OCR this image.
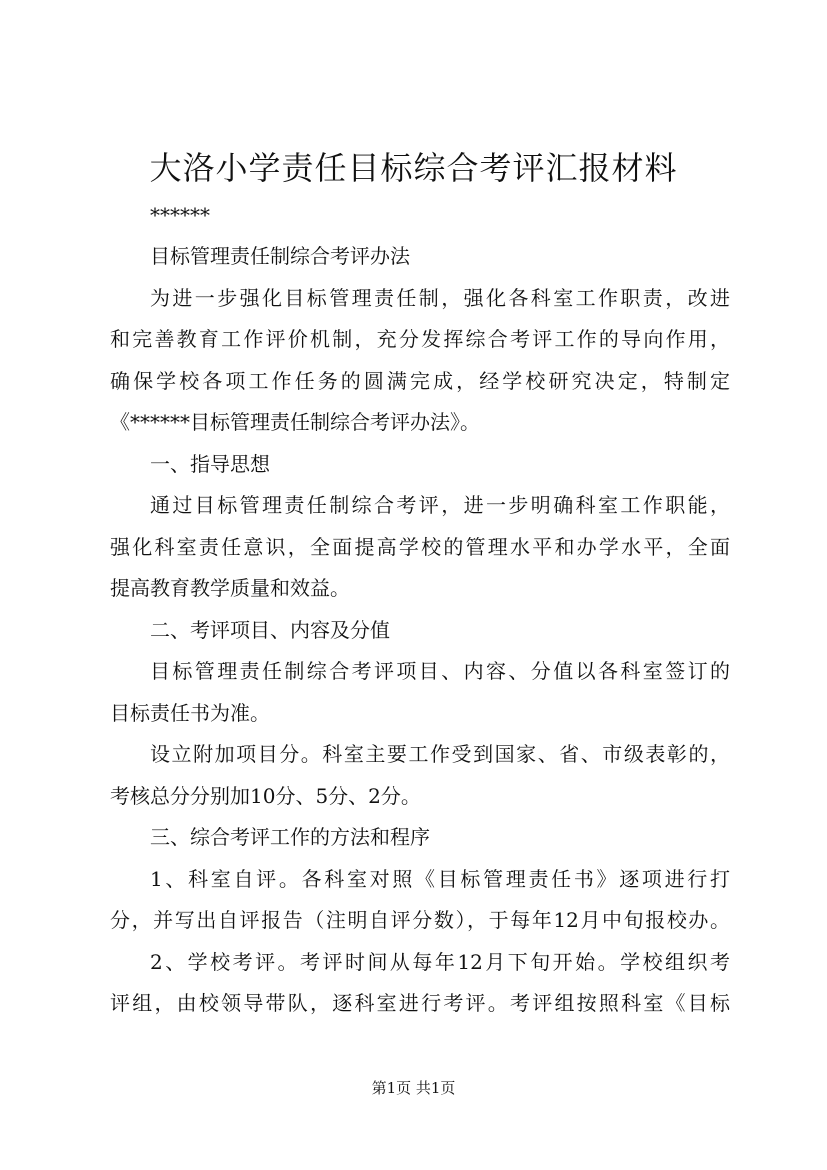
大洛小学责任目标综合考评汇报材料

******

目标管理责任制综合考评办法

为进一步强化目标管理责任制，强化各科室工作职责，改进

和完善教育工作评价机制，充分发挥综合考评工作的导向作用，

确保学校各项工作任务的圆满完成，经学校研究决定，特制定

《******目标管理责任制综合考评办法》。

一、指导思想

通过目标管理责任制综合考评，进一步明确科室工作职能，

强化科室责任意识，全面提高学校的管理水平和办学水平，全面

提高教育教学质量和效益。

二、考评项目、内容及分值

目标管理责任制综合考评项目、内容、分值以各科室签订的

目标责任书为准。

设立附加项目分。科室主要工作受到国家、省、市级表彰的，

考核总分分别加10分、5分、2分。

三、综合考评工作的方法和程序

1、科室自评。各科室对照《目标管理责任书》逐项进行打

分，并写出自评报告（注明自评分数），于每年12月中旬报校办。

2、学校考评。考评时间从每年12月下旬开始。学校组织考

评组，由校领导带队，逐科室进行考评。考评组按照科室《目标

第1页 共1页
